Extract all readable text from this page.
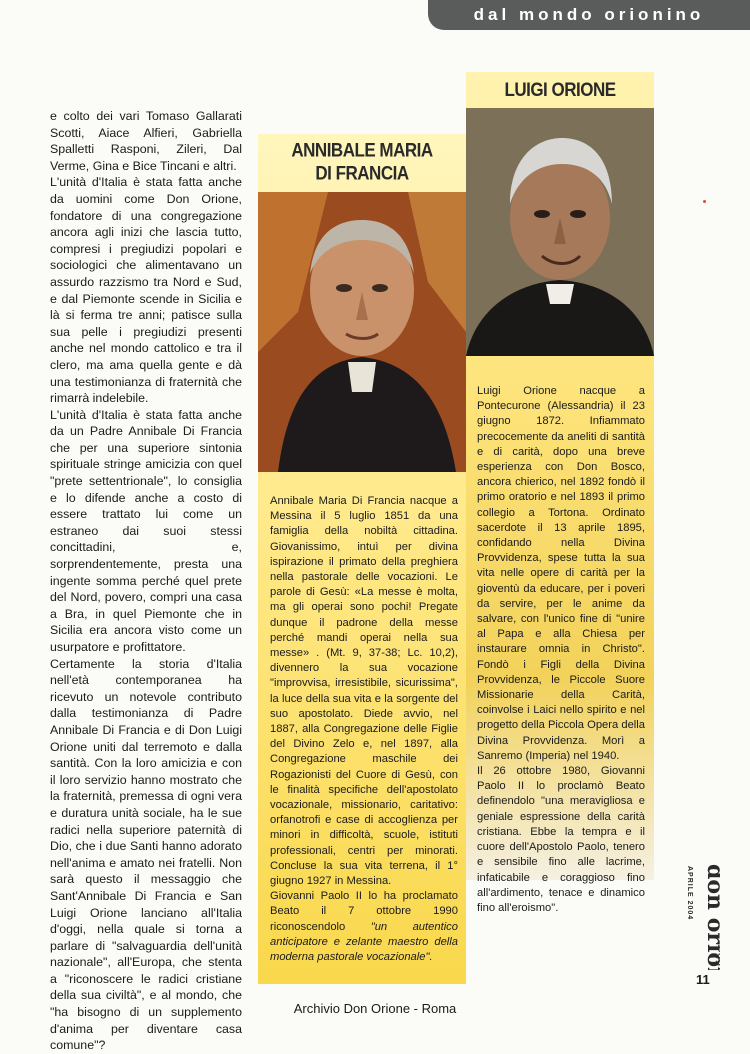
dal mondo orionino

e colto dei vari Tomaso Gallarati Scotti, Aiace Alfieri, Gabriella Spalletti Rasponi, Zileri, Dal Verme, Gina e Bice Tincani e altri.

L'unità d'Italia è stata fatta anche da uomini come Don Orione, fondatore di una congregazione ancora agli inizi che lascia tutto, compresi i pregiudizi popolari e sociologici che alimentavano un assurdo razzismo tra Nord e Sud, e dal Piemonte scende in Sicilia e là si ferma tre anni; patisce sulla sua pelle i pregiudizi presenti anche nel mondo cattolico e tra il clero, ma ama quella gente e dà una testimonianza di fraternità che rimarrà indelebile.

L'unità d'Italia è stata fatta anche da un Padre Annibale Di Francia che per una superiore sintonia spirituale stringe amicizia con quel "prete settentrionale", lo consiglia e lo difende anche a costo di essere trattato lui come un estraneo dai suoi stessi concittadini, e, sorprendentemente, presta una ingente somma perché quel prete del Nord, povero, compri una casa a Bra, in quel Piemonte che in Sicilia era ancora visto come un usurpatore e profittatore.

Certamente la storia d'Italia nell'età contemporanea ha ricevuto un notevole contributo dalla testimonianza di Padre Annibale Di Francia e di Don Luigi Orione uniti dal terremoto e dalla santità. Con la loro amicizia e con il loro servizio hanno mostrato che la fraternità, premessa di ogni vera e duratura unità sociale, ha le sue radici nella superiore paternità di Dio, che i due Santi hanno adorato nell'anima e amato nei fratelli. Non sarà questo il messaggio che Sant'Annibale Di Francia e San Luigi Orione lanciano all'Italia d'oggi, nella quale si torna a parlare di "salvaguardia dell'unità nazionale", all'Europa, che stenta a "riconoscere le radici cristiane della sua civiltà", e al mondo, che "ha bisogno di un supplemento d'anima per diventare casa comune"?

ANNIBALE MARIA
DI FRANCIA
LUIGI ORIONE

Annibale Maria Di Francia nacque a Messina il 5 luglio 1851 da una famiglia della nobiltà cittadina. Giovanissimo, intuì per divina ispirazione il primato della preghiera nella pastorale delle vocazioni. Le parole di Gesù: «La messe è molta, ma gli operai sono pochi! Pregate dunque il padrone della messe perché mandi operai nella sua messe» . (Mt. 9, 37-38; Lc. 10,2), divennero la sua vocazione "improvvisa, irresistibile, sicurissima", la luce della sua vita e la sorgente del suo apostolato. Diede avvio, nel 1887, alla Congregazione delle Figlie del Divino Zelo e, nel 1897, alla Congregazione maschile dei Rogazionisti del Cuore di Gesù, con le finalità specifiche dell'apostolato vocazionale, missionario, caritativo: orfanotrofi e case di accoglienza per minori in difficoltà, scuole, istituti professionali, centri per minorati. Concluse la sua vita terrena, il 1° giugno 1927 in Messina.

Giovanni Paolo II lo ha proclamato Beato il 7 ottobre 1990 riconoscendolo "un autentico anticipatore e zelante maestro della moderna pastorale vocazionale".

Luigi Orione nacque a Pontecurone (Alessandria) il 23 giugno 1872. Infiammato precocemente da aneliti di santità e di carità, dopo una breve esperienza con Don Bosco, ancora chierico, nel 1892 fondò il primo oratorio e nel 1893 il primo collegio a Tortona. Ordinato sacerdote il 13 aprile 1895, confidando nella Divina Provvidenza, spese tutta la sua vita nelle opere di carità per la gioventù da educare, per i poveri da servire, per le anime da salvare, con l'unico fine di "unire al Papa e alla Chiesa per instaurare omnia in Christo". Fondò i Figli della Divina Provvidenza, le Piccole Suore Missionarie della Carità, coinvolse i Laici nello spirito e nel progetto della Piccola Opera della Divina Provvidenza. Morì a Sanremo (Imperia) nel 1940.

Il 26 ottobre 1980, Giovanni Paolo II lo proclamò Beato definendolo "una meravigliosa e geniale espressione della carità cristiana. Ebbe la tempra e il cuore dell'Apostolo Paolo, tenero e sensibile fino alle lacrime, infaticabile e coraggioso fino all'ardimento, tenace e dinamico fino all'eroismo".	don orio
APRILE 2004
oggi
11
Archivio Don Orione - Roma
